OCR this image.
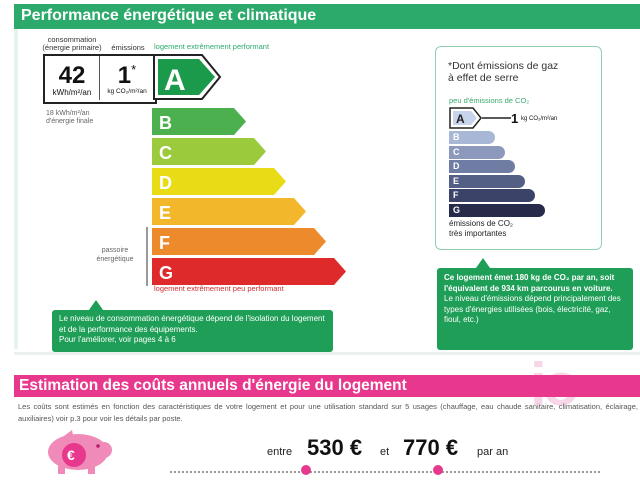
Performance énergétique et climatique
consommation
(énergie primaire)	émissions	logement extrêmement performant
42
kWh/m²/an
1*
kg CO₂/m²/an A
18 kWh/m²/an
d'énergie finale	B
C
D
E
F
G
passoire
énergétique
logement extrêmement peu performant
Le niveau de consommation énergétique dépend de l'isolation du logement et de la performance des équipements.
Pour l'améliorer, voir pages 4 à 6
*Dont émissions de gaz
à effet de serre
peu d'émissions de CO₂
A	1 kg CO₂/m²/an
B
C
D
E
F
G
émissions de CO₂
très importantes
Ce logement émet 180 kg de CO₂ par an, soit l'équivalent de 934 km parcourus en voiture.
Le niveau d'émissions dépend principalement des types d'énergies utilisées (bois, électricité, gaz, fioul, etc.)
Estimation des coûts annuels d'énergie du logement
Les coûts sont estimés en fonction des caractéristiques de votre logement et pour une utilisation standard sur 5 usages (chauffage, eau chaude sanitaire, climatisation, éclairage, auxiliaires) voir p.3 pour voir les détails par poste.
€	entre 530 € et 770 € par an
